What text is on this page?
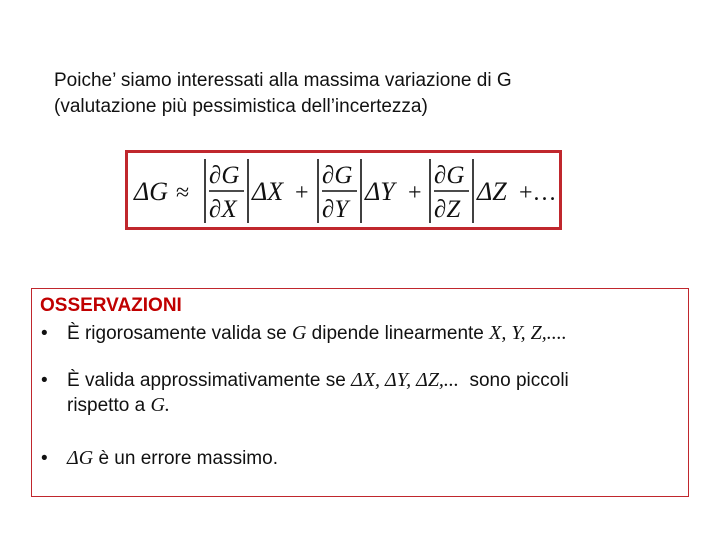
Poiche’ siamo interessati alla massima variazione di G
(valutazione più pessimistica dell’incertezza)
ΔG ≈
∂G
∂X
ΔX +
∂G
∂Y
ΔY +
∂G
∂Z
ΔZ +…
OSSERVAZIONI
• È rigorosamente valida se G dipende linearmente X, Y, Z,....
• È valida approssimativamente se ΔX, ΔY, ΔZ,...  sono piccoli
rispetto a G.
• ΔG è un errore massimo.
